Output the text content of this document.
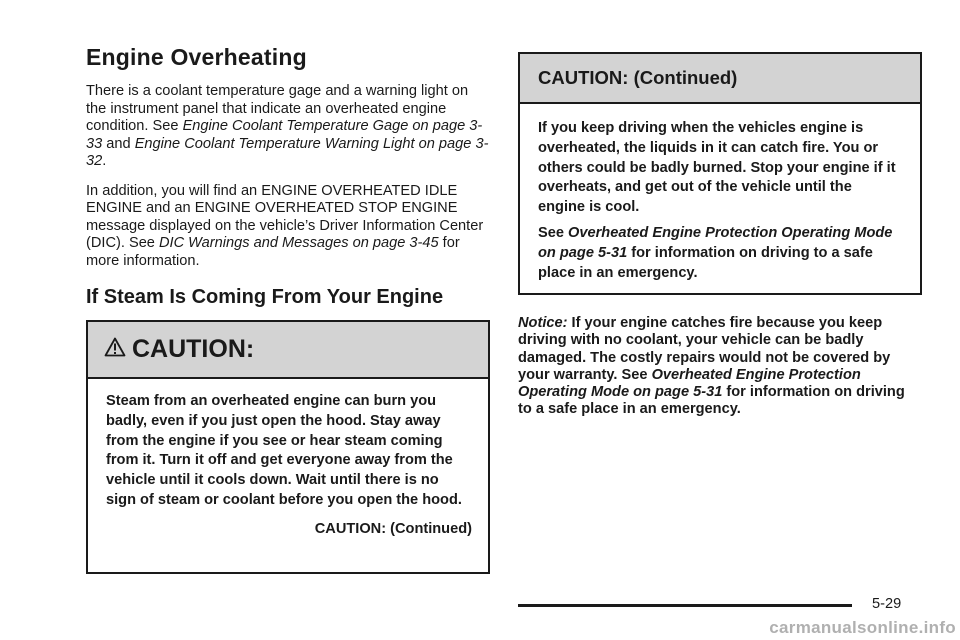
Engine Overheating

There is a coolant temperature gage and a warning light on the instrument panel that indicate an overheated engine condition. See Engine Coolant Temperature Gage on page 3-33 and Engine Coolant Temperature Warning Light on page 3-32.

In addition, you will find an ENGINE OVERHEATED IDLE ENGINE and an ENGINE OVERHEATED STOP ENGINE message displayed on the vehicle’s Driver Information Center (DIC). See DIC Warnings and Messages on page 3-45 for more information.

If Steam Is Coming From Your Engine
CAUTION:
Steam from an overheated engine can burn you badly, even if you just open the hood. Stay away from the engine if you see or hear steam coming from it. Turn it off and get everyone away from the vehicle until it cools down. Wait until there is no sign of steam or coolant before you open the hood.
CAUTION: (Continued)
CAUTION: (Continued)
If you keep driving when the vehicles engine is overheated, the liquids in it can catch fire. You or others could be badly burned. Stop your engine if it overheats, and get out of the vehicle until the engine is cool.
See Overheated Engine Protection Operating Mode on page 5-31 for information on driving to a safe place in an emergency.

Notice: If your engine catches fire because you keep driving with no coolant, your vehicle can be badly damaged. The costly repairs would not be covered by your warranty. See Overheated Engine Protection Operating Mode on page 5-31 for information on driving to a safe place in an emergency.

5-29
carmanualsonline.info
